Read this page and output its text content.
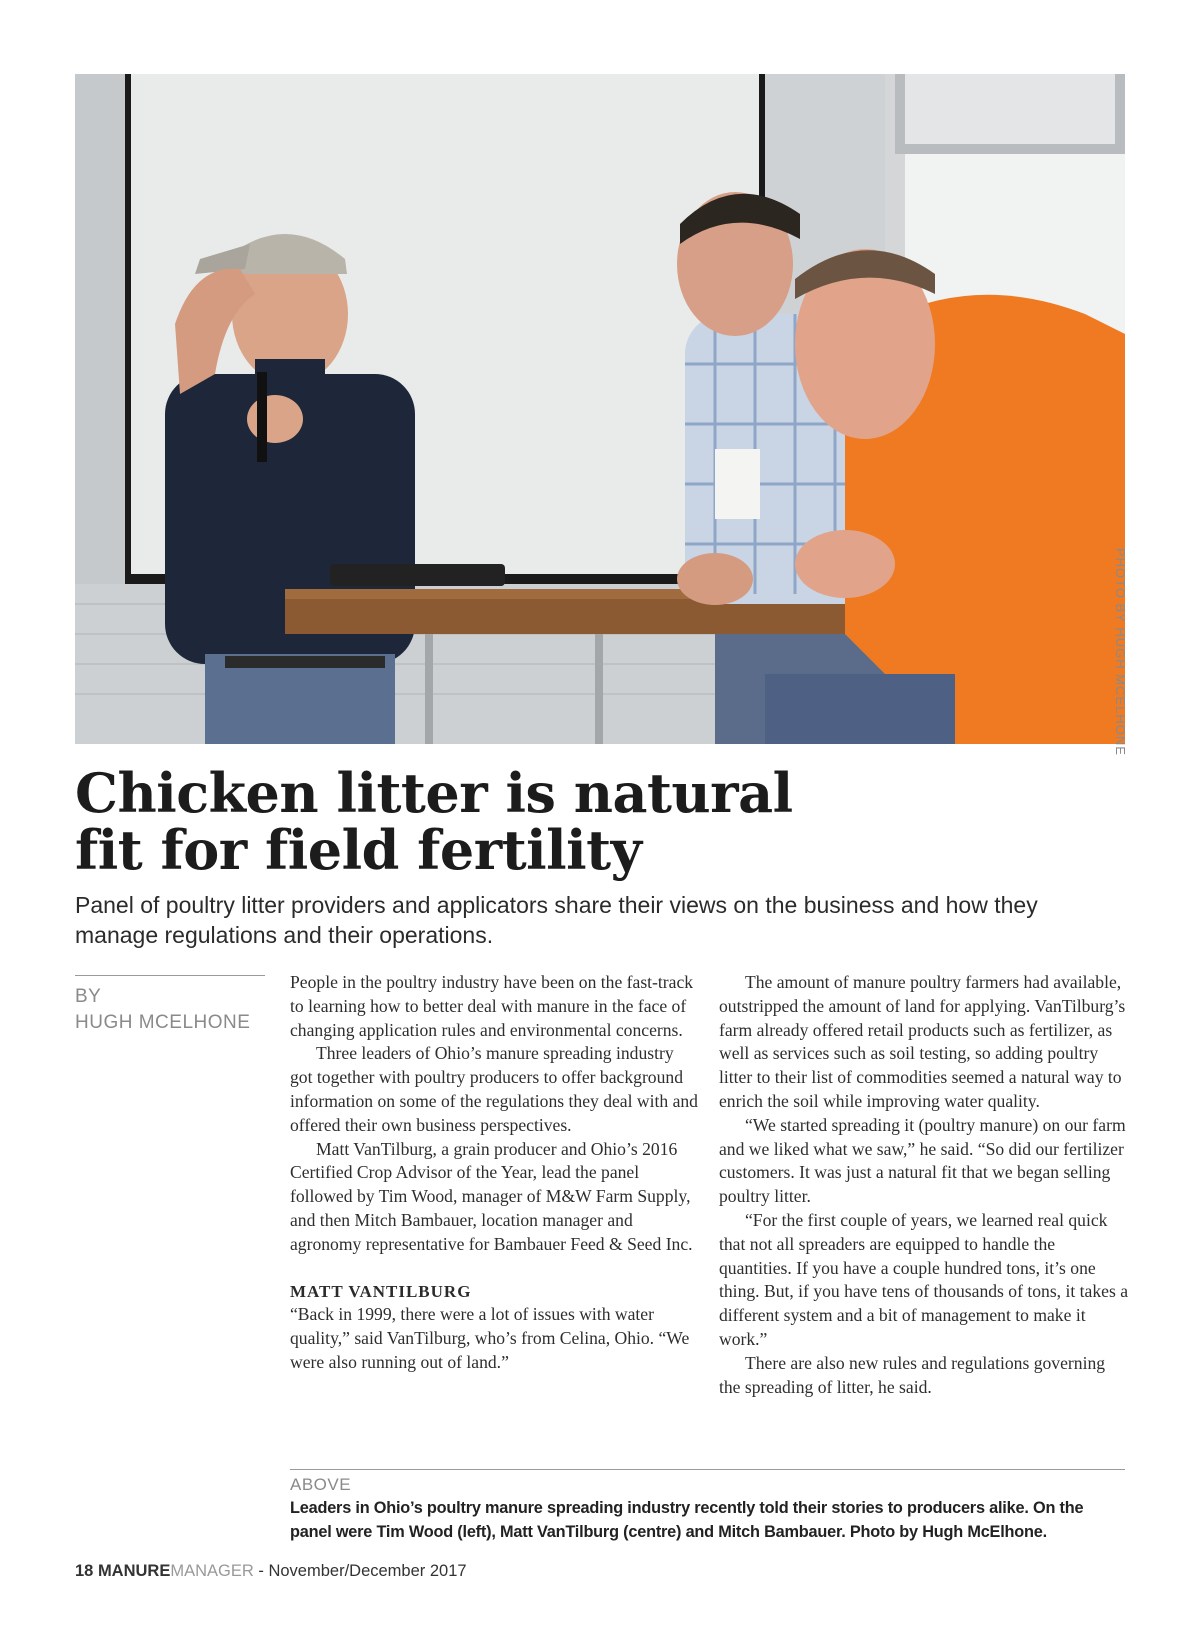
PHOTO BY HUGH MCELHONE
Chicken litter is natural
fit for field fertility

Panel of poultry litter providers and applicators share their views on the business and how they manage regulations and their operations.

BY
HUGH MCELHONE

People in the poultry industry have been on the fast-track to learning how to better deal with manure in the face of changing application rules and environmental concerns.

Three leaders of Ohio’s manure spreading industry got together with poultry producers to offer background information on some of the regulations they deal with and offered their own business perspectives.

Matt VanTilburg, a grain producer and Ohio’s 2016 Certified Crop Advisor of the Year, lead the panel followed by Tim Wood, manager of M&W Farm Supply, and then Mitch Bambauer, location manager and agronomy representative for Bambauer Feed & Seed Inc.

MATT VANTILBURG

“Back in 1999, there were a lot of issues with water quality,” said VanTilburg, who’s from Celina, Ohio. “We were also running out of land.”

The amount of manure poultry farmers had available, outstripped the amount of land for applying. VanTilburg’s farm already offered retail products such as fertilizer, as well as services such as soil testing, so adding poultry litter to their list of commodities seemed a natural way to enrich the soil while improving water quality.

“We started spreading it (poultry manure) on our farm and we liked what we saw,” he said. “So did our fertilizer customers. It was just a natural fit that we began selling poultry litter.

“For the first couple of years, we learned real quick that not all spreaders are equipped to handle the quantities. If you have a couple hundred tons, it’s one thing. But, if you have tens of thousands of tons, it takes a different system and a bit of management to make it work.”

There are also new rules and regulations governing the spreading of litter, he said.

ABOVE
Leaders in Ohio’s poultry manure spreading industry recently told their stories to producers alike. On the panel were Tim Wood (left), Matt VanTilburg (centre) and Mitch Bambauer. Photo by Hugh McElhone.
18 MANUREMANAGER - November/December 2017
